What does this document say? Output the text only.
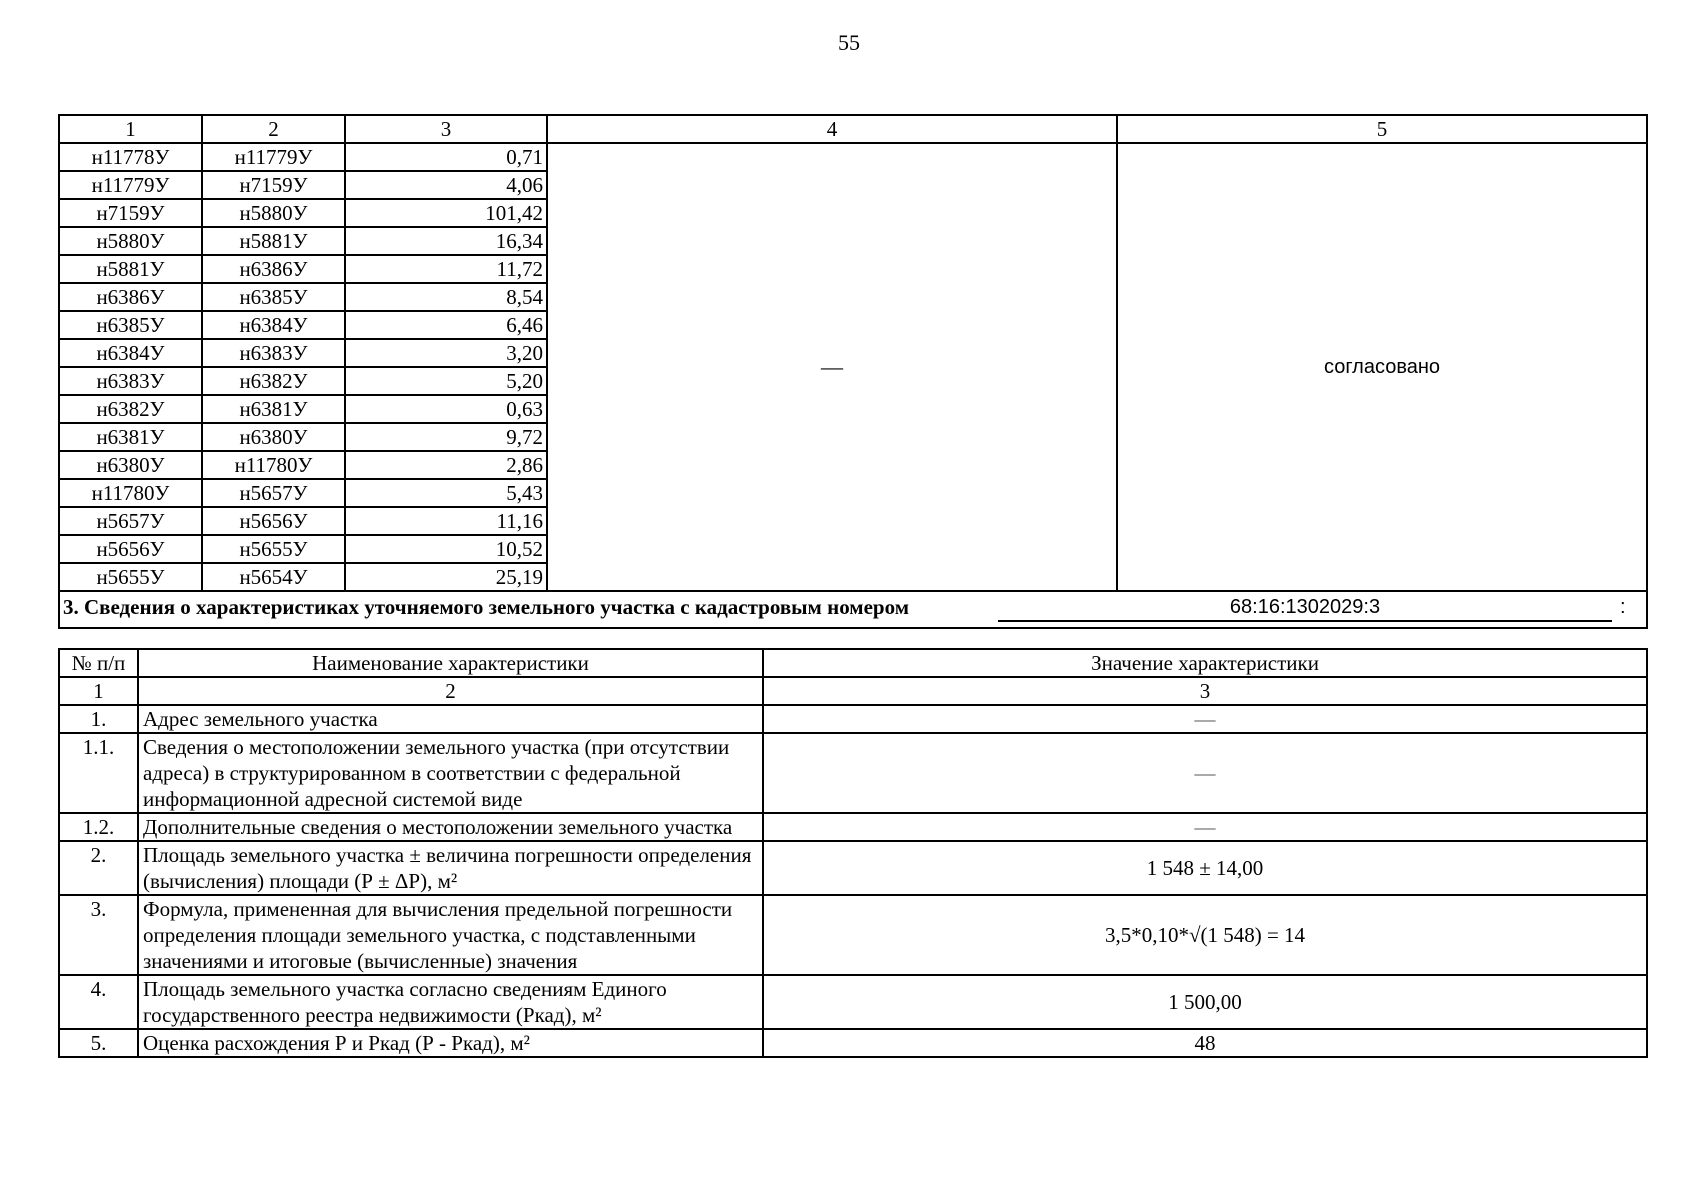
55
1	2	3	4	5
н11778У	н11779У	0,71	—	согласовано
н11779У	н7159У	4,06		
н7159У	н5880У	101,42		
н5880У	н5881У	16,34		
н5881У	н6386У	11,72		
н6386У	н6385У	8,54		
н6385У	н6384У	6,46		
н6384У	н6383У	3,20		
н6383У	н6382У	5,20		
н6382У	н6381У	0,63		
н6381У	н6380У	9,72		
н6380У	н11780У	2,86		
н11780У	н5657У	5,43		
н5657У	н5656У	11,16		
н5656У	н5655У	10,52		
н5655У	н5654У	25,19		

3. Сведения о характеристиках уточняемого земельного участка с кадастровым номером 68:16:1302029:3 :				
№ п/п	Наименование характеристики	Значение характеристики
1	2	3
1.	Адрес земельного участка	—
1.1.	Сведения о местоположении земельного участка (при отсутствии адреса) в структурированном в соответствии с федеральной информационной адресной системой виде	—
1.2.	Дополнительные сведения о местоположении земельного участка	—
2.	Площадь земельного участка ± величина погрешности определения (вычисления) площади (Р ± ΔР), м²	1 548 ± 14,00
3.	Формула, примененная для вычисления предельной погрешности определения площади земельного участка, с подставленными значениями и итоговые (вычисленные) значения	3,5*0,10*√(1 548) = 14
4.	Площадь земельного участка согласно сведениям Единого государственного реестра недвижимости (Ркад), м²	1 500,00
5.	Оценка расхождения Р и Ркад (Р - Ркад), м²	48
